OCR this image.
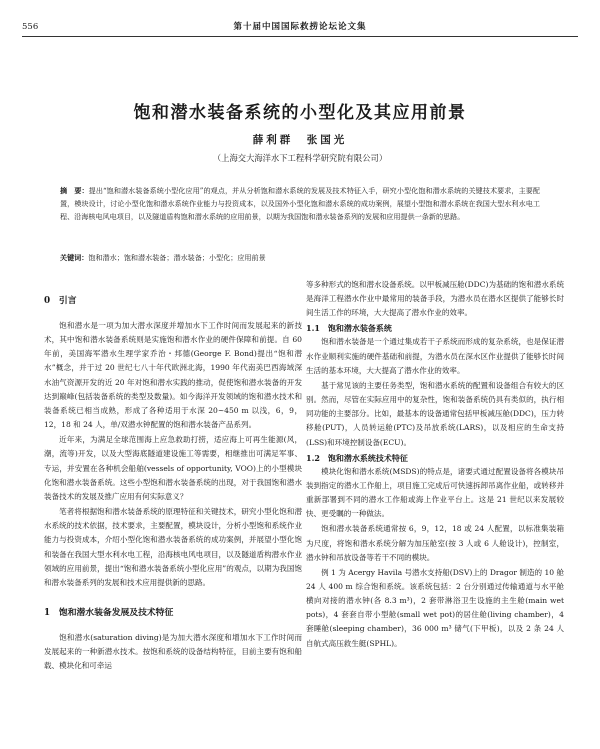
556	第十届中国国际救捞论坛论文集
饱和潜水装备系统的小型化及其应用前景
薛利群　张国光
（上海交大海洋水下工程科学研究院有限公司）
摘　要：提出“饱和潜水装备系统小型化应用”的观点，并从分析饱和潜水系统的发展及技术特征入手，研究小型化饱和潜水系统的关键技术要求，主要配置，模块设计，讨论小型化饱和潜水系统作业能力与投资成本，以及国外小型化饱和潜水系统的成功案例，展望小型饱和潜水系统在我国大型水利水电工程、沿海核电风电项目，以及隧道盾构饱和潜水系统的应用前景，以期为我国饱和潜水装备系列的发展和应用提供一条新的思路。
关键词：饱和潜水；饱和潜水装备；潜水装备；小型化；应用前景
0　引言

饱和潜水是一项为加大潜水深度并增加水下工作时间而发展起来的新技术，其中饱和潜水装备系统则是实施饱和潜水作业的硬件保障和前提。自 60 年前，美国海军潜水生理学家乔治・邦德(George F. Bond)提出“饱和潜水”概念，并于过 20 世纪七八十年代欧洲北海，1990 年代南美巴西海域深水油气资源开发的近 20 年对饱和潜水实践的推动，促使饱和潜水装备的开发达到巅峰(包括装备系统的类型及数量)。如今海洋开发领域的饱和潜水技术和装备系统已相当成熟，形成了各种适用于水深 20~450 m 以浅，6，9，12，18 和 24 人，单/双潜水钟配置的饱和潜水装备产品系列。

近年来，为满足全球范围海上应急救助打捞，适应海上可再生能源(风，潮，流等)开发，以及大型海底隧道建设施工等需要，相继推出可满足军事、专运，并安置在各种机会船舶(vessels of opportunity, VOO)上的小型模块化饱和潜水装备系统。这些小型饱和潜水装备系统的出现，对于我国饱和潜水装备技术的发展及推广应用有何实际意义？

笔者将根据饱和潜水装备系统的原理特征和关键技术，研究小型化饱和潜水系统的技术依据，技术要求，主要配置，模块设计，分析小型饱和系统作业能力与投资成本，介绍小型化饱和潜水装备系统的成功案例，并展望小型化饱和装备在我国大型水利水电工程，沿海核电风电项目，以及隧道盾构潜水作业领域的应用前景，提出“饱和潜水装备系统小型化应用”的观点，以期为我国饱和潜水装备系列的发展和技术应用提供新的思路。

1　饱和潜水装备发展及技术特征

饱和潜水(saturation diving)是为加大潜水深度和增加水下工作时间而发展起来的一种新潜水技术。按饱和系统的设备结构特征，目前主要有饱和船载、模块化和可牵运

等多种形式的饱和潜水设备系统。以甲板减压舱(DDC)为基础的饱和潜水系统是海洋工程潜水作业中最常用的装备手段，为潜水员在潜水区提供了能够长时间生活工作的环境，大大提高了潜水作业的效率。

1.1　饱和潜水装备系统

饱和潜水装备是一个通过集成若干子系统而形成的复杂系统，也是保证潜水作业顺利实施的硬件基础和前提，为潜水员在深水区作业提供了能够长时间生活的基本环境，大大提高了潜水作业的效率。

基于常见该的主要任务类型，饱和潜水系统的配置和设备组合有较大的区别。然而，尽管在实际应用中的复杂性，饱和装备系统仍具有类似的，执行相同功能的主要部分。比如，最基本的设备通常包括甲板减压舱(DDC)，压力转移舱(PUT)，人员转运舱(PTC)及吊放系统(LARS)，以及相应的生命支持(LSS)和环境控制设备(ECU)。

1.2　饱和潜水系统技术特征

模块化饱和潜水系统(MSDS)的特点是，诸要式通过配置设备将各模块吊装到指定的潜水工作船上，项目施工完成后可快速拆卸吊离作业船，或转移并重新部署到不同的潜水工作船或海上作业平台上。这是 21 世纪以来发展较快、更受瞩的一种做法。

饱和潜水装备系统通常按 6，9，12，18 或 24 人配置，以标准集装箱为尺度，将饱和潜水系统分解为加压舱室(按 3 人或 6 人舱设计)，控制室，潜水钟和吊放设备等若干不同的模块。

例 1 为 Acergy Havila 号潜水支持船(DSV)上的 Dragor 制造的 10 舱 24 人 400 m 综合饱和系统。该系统包括：2 台分别通过传输通道与水平舱横向对接的潜水钟(各 8.3 m³)，2 套带淋浴卫生设施的主生舱(main wet pots)，4 套套自带小型舱(small wet pot)的居住舱(living chamber)，4 套睡舱(sleeping chamber)，36 000 m³ 储气(下甲板)，以及 2 条 24 人自航式高压救生艇(SPHL)。
